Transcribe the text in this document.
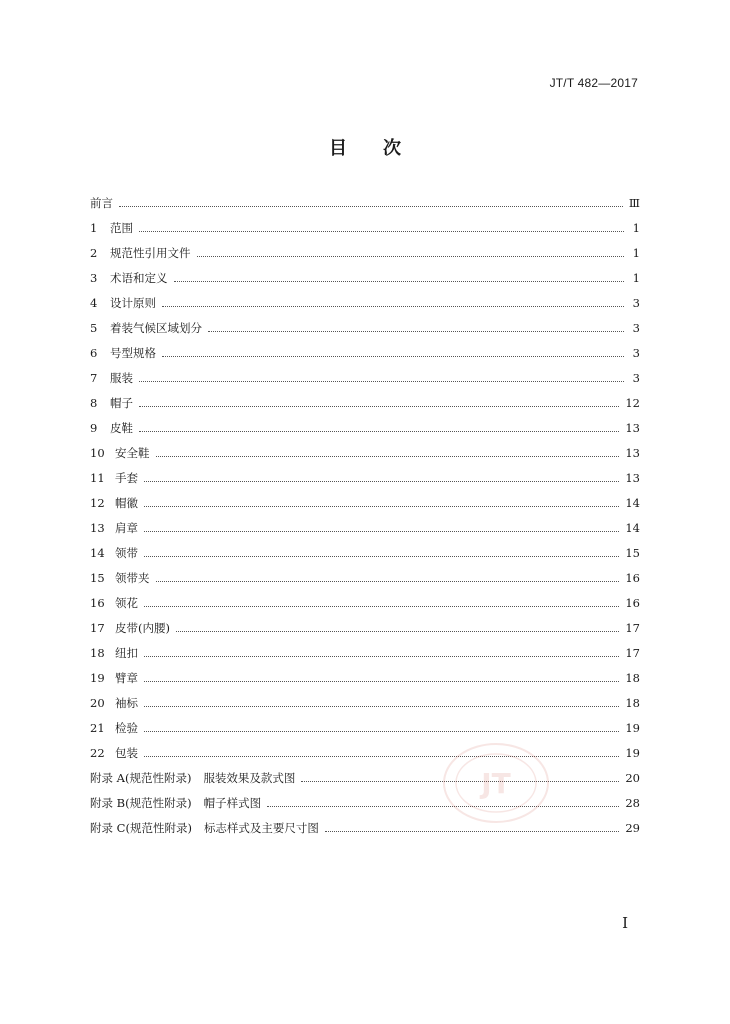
JT/T 482—2017
目 次
前言	Ⅲ
1	范围	1
2	规范性引用文件	1
3	术语和定义	1
4	设计原则	3
5	着装气候区域划分	3
6	号型规格	3
7	服装	3
8	帽子	12
9	皮鞋	13
10 安全鞋	13
11 手套	13
12 帽徽	14
13 肩章	14
14 领带	15
15 领带夹	16
16 领花	16
17 皮带(内腰)	17
18 纽扣	17
19 臂章	18
20 袖标	18
21 检验	19
22 包装	19
附录 A(规范性附录) 服装效果及款式图	20
附录 B(规范性附录) 帽子样式图	28
附录 C(规范性附录) 标志样式及主要尺寸图	29
JT
I
